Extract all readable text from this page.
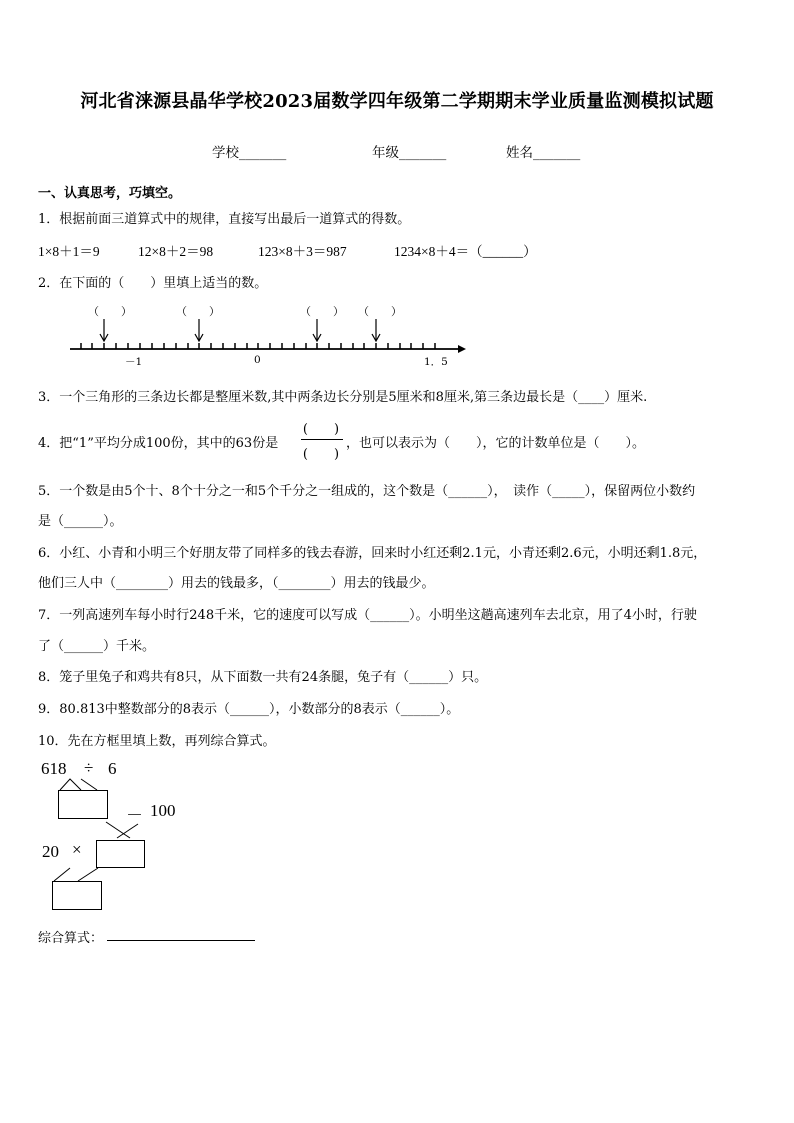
河北省涞源县晶华学校2023届数学四年级第二学期期末学业质量监测模拟试题
学校_______	年级_______	姓名_______
一、认真思考，巧填空。
1．根据前面三道算式中的规律，直接写出最后一道算式的得数。
1×8＋1＝9	12×8＋2＝98	123×8＋3＝987	1234×8＋4＝（______）
2．在下面的（　　）里填上适当的数。
（　　）	（　　）	（　　） （　　）
－1	0	1．5
3．一个三角形的三条边长都是整厘米数,其中两条边长分别是5厘米和8厘米,第三条边最长是（____）厘米.
4．把“1”平均分成100份，其中的63份是
(　　)
(　　)
，也可以表示为（　　），它的计数单位是（　　）。
5．一个数是由5个十、8个十分之一和5个千分之一组成的，这个数是（______），　读作（_____），保留两位小数约
是（______）。
6．小红、小青和小明三个好朋友带了同样多的钱去春游，回来时小红还剩2.1元，小青还剩2.6元，小明还剩1.8元，
他们三人中（________）用去的钱最多，（________）用去的钱最少。
7．一列高速列车每小时行248千米，它的速度可以写成（______）。小明坐这趟高速列车去北京，用了4小时，行驶
了（______）千米。
8．笼子里兔子和鸡共有8只，从下面数一共有24条腿，兔子有（______）只。
9．80.813中整数部分的8表示（______），小数部分的8表示（______）。
10．先在方框里填上数，再列综合算式。
618 ÷ 6
－ 100
20 ×
综合算式：
